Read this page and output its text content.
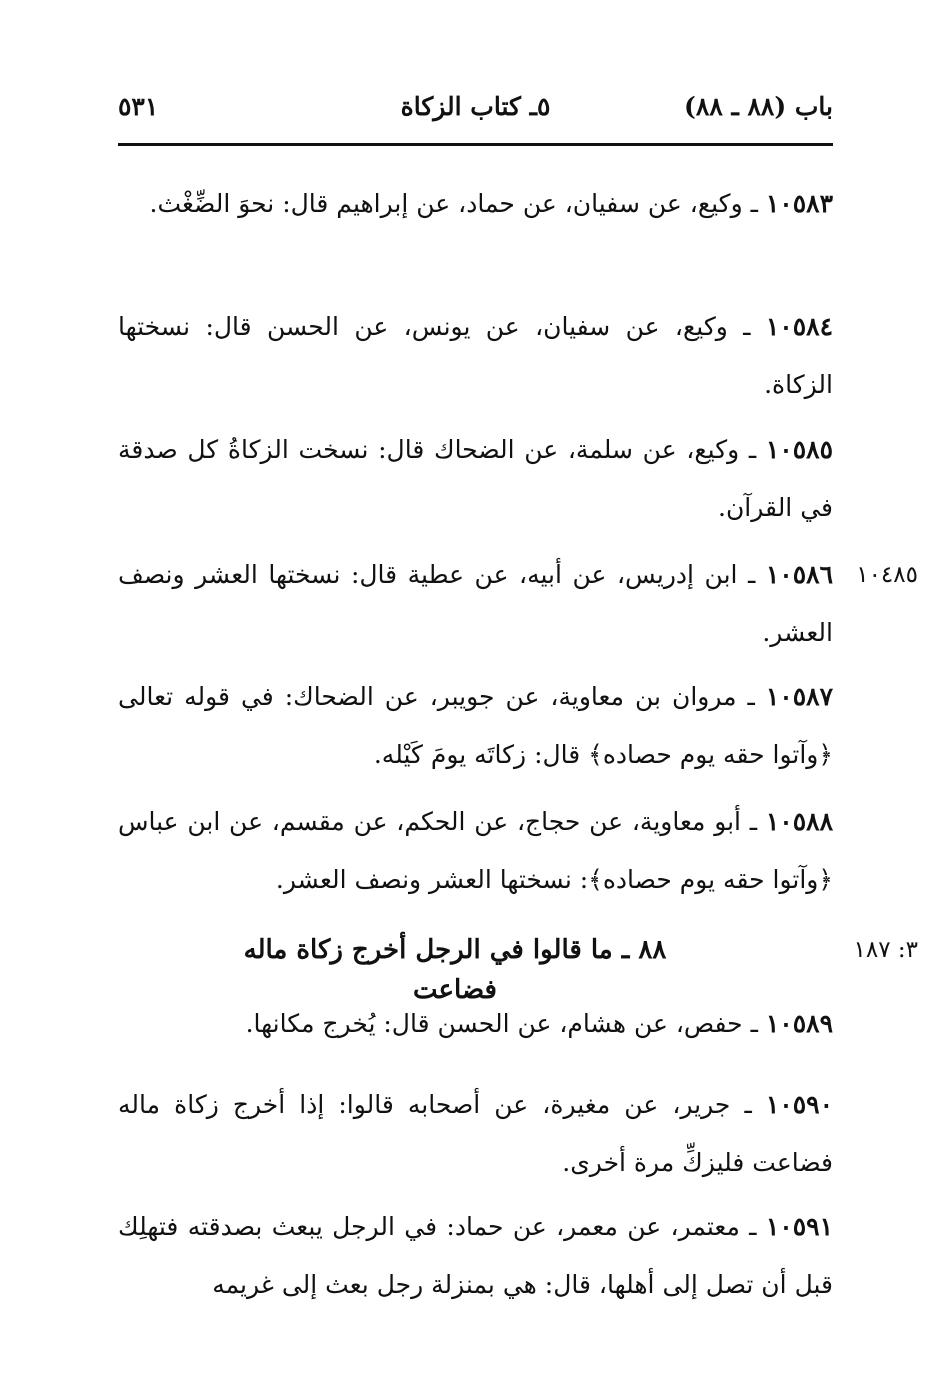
باب (٨٨ ـ ٨٨)
٥ـ كتاب الزكاة
٥٣١
١٠٥٨٣ ـ وكيع، عن سفيان، عن حماد، عن إبراهيم قال: نحوَ الضِّغْث.
١٠٥٨٤ ـ وكيع، عن سفيان، عن يونس، عن الحسن قال: نسختها الزكاة.
١٠٥٨٥ ـ وكيع، عن سلمة، عن الضحاك قال: نسخت الزكاةُ كل صدقة في القرآن.
١٠٤٨٥
١٠٥٨٦ ـ ابن إدريس، عن أبيه، عن عطية قال: نسختها العشر ونصف العشر.
١٠٥٨٧ ـ مروان بن معاوية، عن جويبر، عن الضحاك: في قوله تعالى ﴿وآتوا حقه يوم حصاده﴾ قال: زكاتَه يومَ كَيْله.
١٠٥٨٨ ـ أبو معاوية، عن حجاج، عن الحكم، عن مقسم، عن ابن عباس ﴿وآتوا حقه يوم حصاده﴾: نسختها العشر ونصف العشر.
٣: ١٨٧
٨٨ ـ ما قالوا في الرجل أخرج زكاة ماله فضاعت
١٠٥٨٩ ـ حفص، عن هشام، عن الحسن قال: يُخرج مكانها.
١٠٥٩٠ ـ جرير، عن مغيرة، عن أصحابه قالوا: إذا أخرج زكاة ماله فضاعت فليزكِّ مرة أخرى.
١٠٥٩١ ـ معتمر، عن معمر، عن حماد: في الرجل يبعث بصدقته فتهلِك قبل أن تصل إلى أهلها، قال: هي بمنزلة رجل بعث إلى غريمه
